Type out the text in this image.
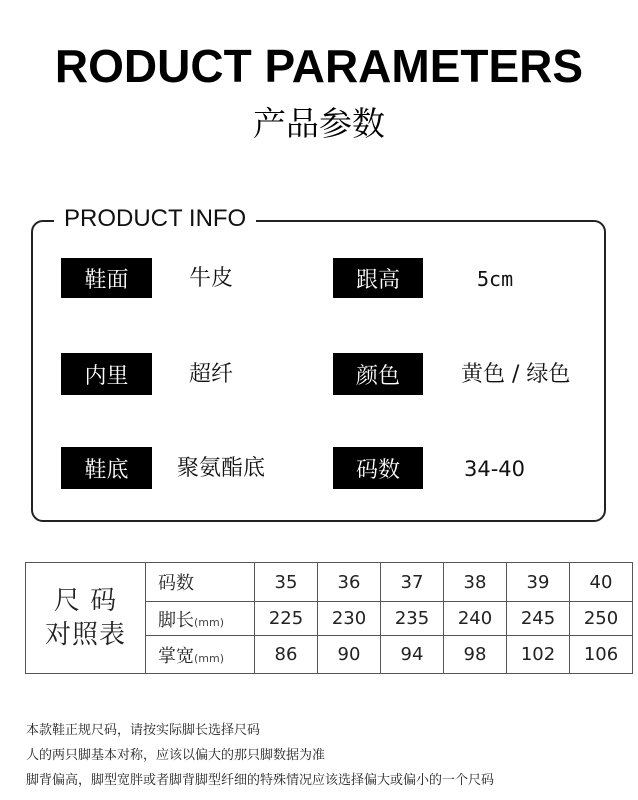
RODUCT PARAMETERS
产品参数
PRODUCT INFO
鞋面	牛皮	跟高	5cm
内里	超纤	颜色	黄色 / 绿色
鞋底	聚氨酯底	码数	34-40
尺 码
对照表	码数	35	36	37	38	39	40
	脚长(mm)	225	230	235	240	245	250
	掌宽(mm)	86	90	94	98	102	106
本款鞋正规尺码，请按实际脚长选择尺码
人的两只脚基本对称，应该以偏大的那只脚数据为准
脚背偏高，脚型宽胖或者脚背脚型纤细的特殊情况应该选择偏大或偏小的一个尺码
